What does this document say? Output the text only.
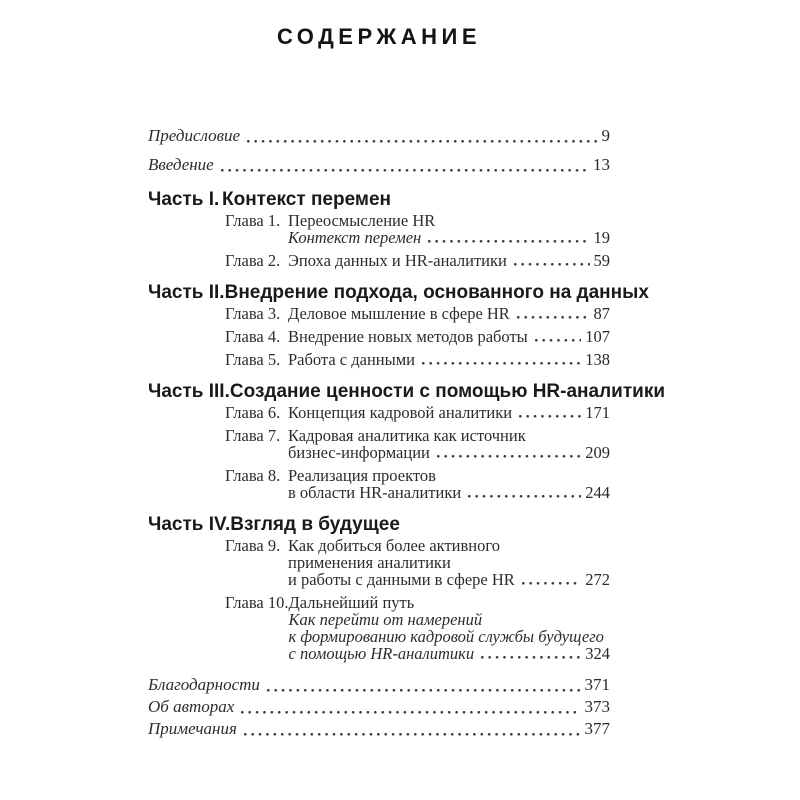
СОДЕРЖАНИЕ
Предисловие	9
Введение	13
Часть I. Контекст перемен
Глава 1. Переосмысление HR
Контекст перемен	19
Глава 2. Эпоха данных и HR-аналитики	59
Часть II. Внедрение подхода, основанного на данных
Глава 3. Деловое мышление в сфере HR	87
Глава 4. Внедрение новых методов работы	107
Глава 5. Работа с данными	138
Часть III. Создание ценности с помощью HR-аналитики
Глава 6. Концепция кадровой аналитики	171
Глава 7. Кадровая аналитика как источник
бизнес-информации	209
Глава 8. Реализация проектов
в области HR-аналитики	244
Часть IV. Взгляд в будущее
Глава 9. Как добиться более активного
применения аналитики
и работы с данными в сфере HR	272
Глава 10. Дальнейший путь
Как перейти от намерений
к формированию кадровой службы будущего
с помощью HR-аналитики	324
Благодарности	371
Об авторах	373
Примечания	377
